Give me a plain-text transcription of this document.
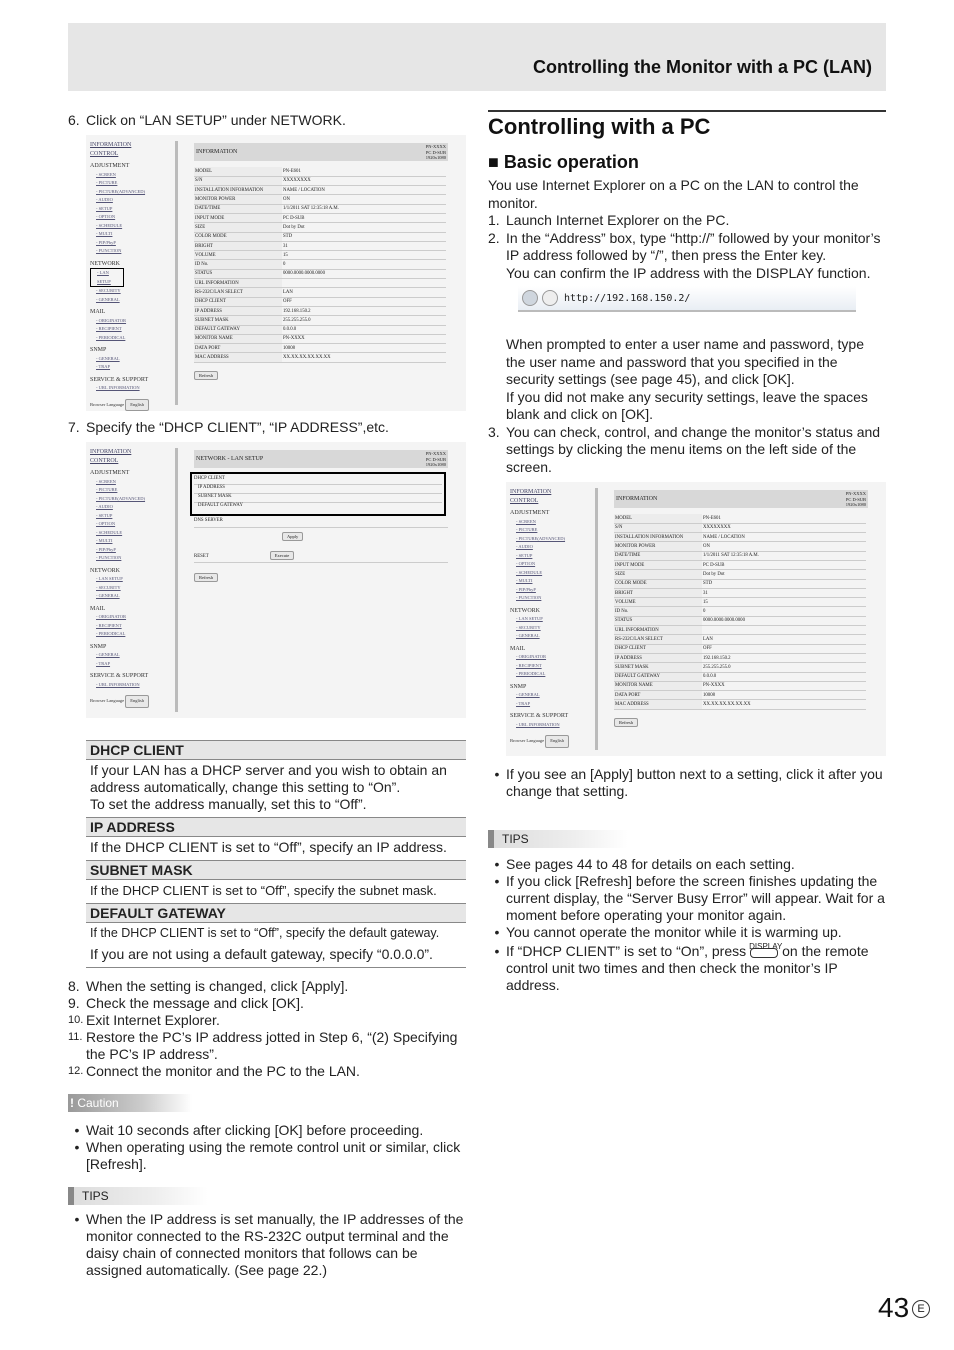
Controlling the Monitor with a PC (LAN)
6. Click on “LAN SETUP” under NETWORK.
INFORMATION
CONTROL
ADJUSTMENT
- SCREEN
- PICTURE
- PICTURE(ADVANCED)
- AUDIO
- SETUP
- OPTION
- SCHEDULE
- MULTI
- PIP/PbyP
- FUNCTION
NETWORK
- LAN SETUP
- SECURITY
- GENERAL
MAIL
- ORIGINATOR
- RECIPIENT
- PERIODICAL
SNMP
- GENERAL
- TRAP
SERVICE & SUPPORT
- URL INFORMATION
Browser Language English
INFORMATION
PN-XXXX
PC D-SUB
1920x1080
MODEL	PN-E601
S/N	XXXXXXXX
INSTALLATION INFORMATION	NAME / LOCATION
MONITOR POWER	ON
DATE/TIME	1/1/2011 SAT 12:35:18 A.M.
INPUT MODE	PC D-SUB
SIZE	Dot by Dot
COLOR MODE	STD
BRIGHT	31
VOLUME	15
ID No.	0
STATUS	0000.0000.0000.0000
URL INFORMATION	
RS-232C/LAN SELECT	LAN
DHCP CLIENT	OFF
IP ADDRESS	192.168.150.2
SUBNET MASK	255.255.255.0
DEFAULT GATEWAY	0.0.0.0
MONITOR NAME	PN-XXXX
DATA PORT	10008
MAC ADDRESS	XX.XX.XX.XX.XX.XX
Refresh
7. Specify the “DHCP CLIENT”, “IP ADDRESS”,etc.
INFORMATION
CONTROL
ADJUSTMENT
- SCREEN
- PICTURE
- PICTURE(ADVANCED)
- AUDIO
- SETUP
- OPTION
- SCHEDULE
- MULTI
- PIP/PbyP
- FUNCTION
NETWORK
- LAN SETUP
- SECURITY
- GENERAL
MAIL
- ORIGINATOR
- RECIPIENT
- PERIODICAL
SNMP
- GENERAL
- TRAP
SERVICE & SUPPORT
- URL INFORMATION
Browser Language English
NETWORK - LAN SETUP
PN-XXXX
PC D-SUB
1920x1080
DHCP CLIENT
IP ADDRESS
SUBNET MASK
DEFAULT GATEWAY
DNS SERVER
Apply
RESET	Execute
Refresh
DHCP CLIENT
If your LAN has a DHCP server and you wish to obtain an address automatically, change this setting to “On”.
To set the address manually, set this to “Off”.
IP ADDRESS
If the DHCP CLIENT is set to “Off”, specify an IP address.
SUBNET MASK
If the DHCP CLIENT is set to “Off”, specify the subnet mask.
DEFAULT GATEWAY
If the DHCP CLIENT is set to “Off”, specify the default gateway.
If you are not using a default gateway, specify “0.0.0.0”.
8. When the setting is changed, click [Apply].
9. Check the message and click [OK].
10. Exit Internet Explorer.
11. Restore the PC’s IP address jotted in Step 6, “(2) Specifying the PC’s IP address”.
12. Connect the monitor and the PC to the LAN.
! Caution
• Wait 10 seconds after clicking [OK] before proceeding.
• When operating using the remote control unit or similar, click [Refresh].
TIPS
• When the IP address is set manually, the IP addresses of the monitor connected to the RS-232C output terminal and the daisy chain of connected monitors that follows can be assigned automatically. (See page 22.)
Controlling with a PC
■ Basic operation
You use Internet Explorer on a PC on the LAN to control the monitor.
1. Launch Internet Explorer on the PC.
2. In the “Address” box, type “http://” followed by your monitor’s IP address followed by “/”, then press the Enter key.
You can confirm the IP address with the DISPLAY function.
http://192.168.150.2/
When prompted to enter a user name and password, type the user name and password that you specified in the security settings (see page 45), and click [OK].
If you did not make any security settings, leave the spaces blank and click on [OK].
3. You can check, control, and change the monitor’s status and settings by clicking the menu items on the left side of the screen.
INFORMATION
CONTROL
ADJUSTMENT
- SCREEN
- PICTURE
- PICTURE(ADVANCED)
- AUDIO
- SETUP
- OPTION
- SCHEDULE
- MULTI
- PIP/PbyP
- FUNCTION
NETWORK
- LAN SETUP
- SECURITY
- GENERAL
MAIL
- ORIGINATOR
- RECIPIENT
- PERIODICAL
SNMP
- GENERAL
- TRAP
SERVICE & SUPPORT
- URL INFORMATION
Browser Language English
INFORMATION
PN-XXXX
PC D-SUB
1920x1080
MODEL	PN-E601
S/N	XXXXXXXX
INSTALLATION INFORMATION	NAME / LOCATION
MONITOR POWER	ON
DATE/TIME	1/1/2011 SAT 12:35:18 A.M.
INPUT MODE	PC D-SUB
SIZE	Dot by Dot
COLOR MODE	STD
BRIGHT	31
VOLUME	15
ID No.	0
STATUS	0000.0000.0000.0000
URL INFORMATION	
RS-232C/LAN SELECT	LAN
DHCP CLIENT	OFF
IP ADDRESS	192.168.150.2
SUBNET MASK	255.255.255.0
DEFAULT GATEWAY	0.0.0.0
MONITOR NAME	PN-XXXX
DATA PORT	10008
MAC ADDRESS	XX.XX.XX.XX.XX.XX
Refresh
• If you see an [Apply] button next to a setting, click it after you change that setting.
TIPS
• See pages 44 to 48 for details on each setting.
• If you click [Refresh] before the screen finishes updating the current display, the “Server Busy Error” will appear. Wait for a moment before operating your monitor again.
• You cannot operate the monitor while it is warming up.
• If “DHCP CLIENT” is set to “On”, press DISPLAY on the remote control unit two times and then check the monitor’s IP address.
43 E
